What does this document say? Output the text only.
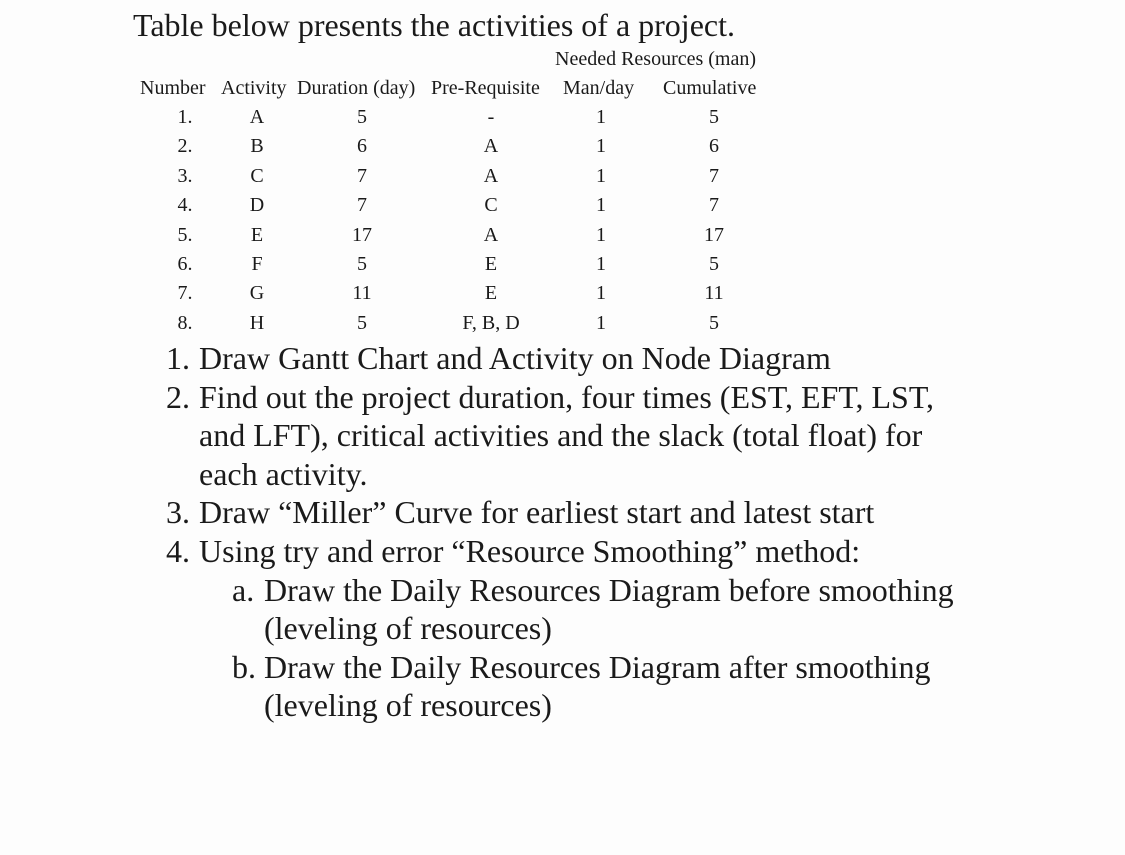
Table below presents the activities of a project.
Needed Resources (man)
Number Activity Duration (day) Pre-Requisite Man/day Cumulative
1.	A	5	-	1	5
2.	B	6	A	1	6
3.	C	7	A	1	7
4.	D	7	C	1	7
5.	E	17	A	1	17
6.	F	5	E	1	5
7.	G	11	E	1	11
8.	H	5	F, B, D	1	5
1. Draw Gantt Chart and Activity on Node Diagram
2. Find out the project duration, four times (EST, EFT, LST,
and LFT), critical activities and the slack (total float) for
each activity.
3. Draw “Miller” Curve for earliest start and latest start
4. Using try and error “Resource Smoothing” method:
a. Draw the Daily Resources Diagram before smoothing
(leveling of resources)
b. Draw the Daily Resources Diagram after smoothing
(leveling of resources)
